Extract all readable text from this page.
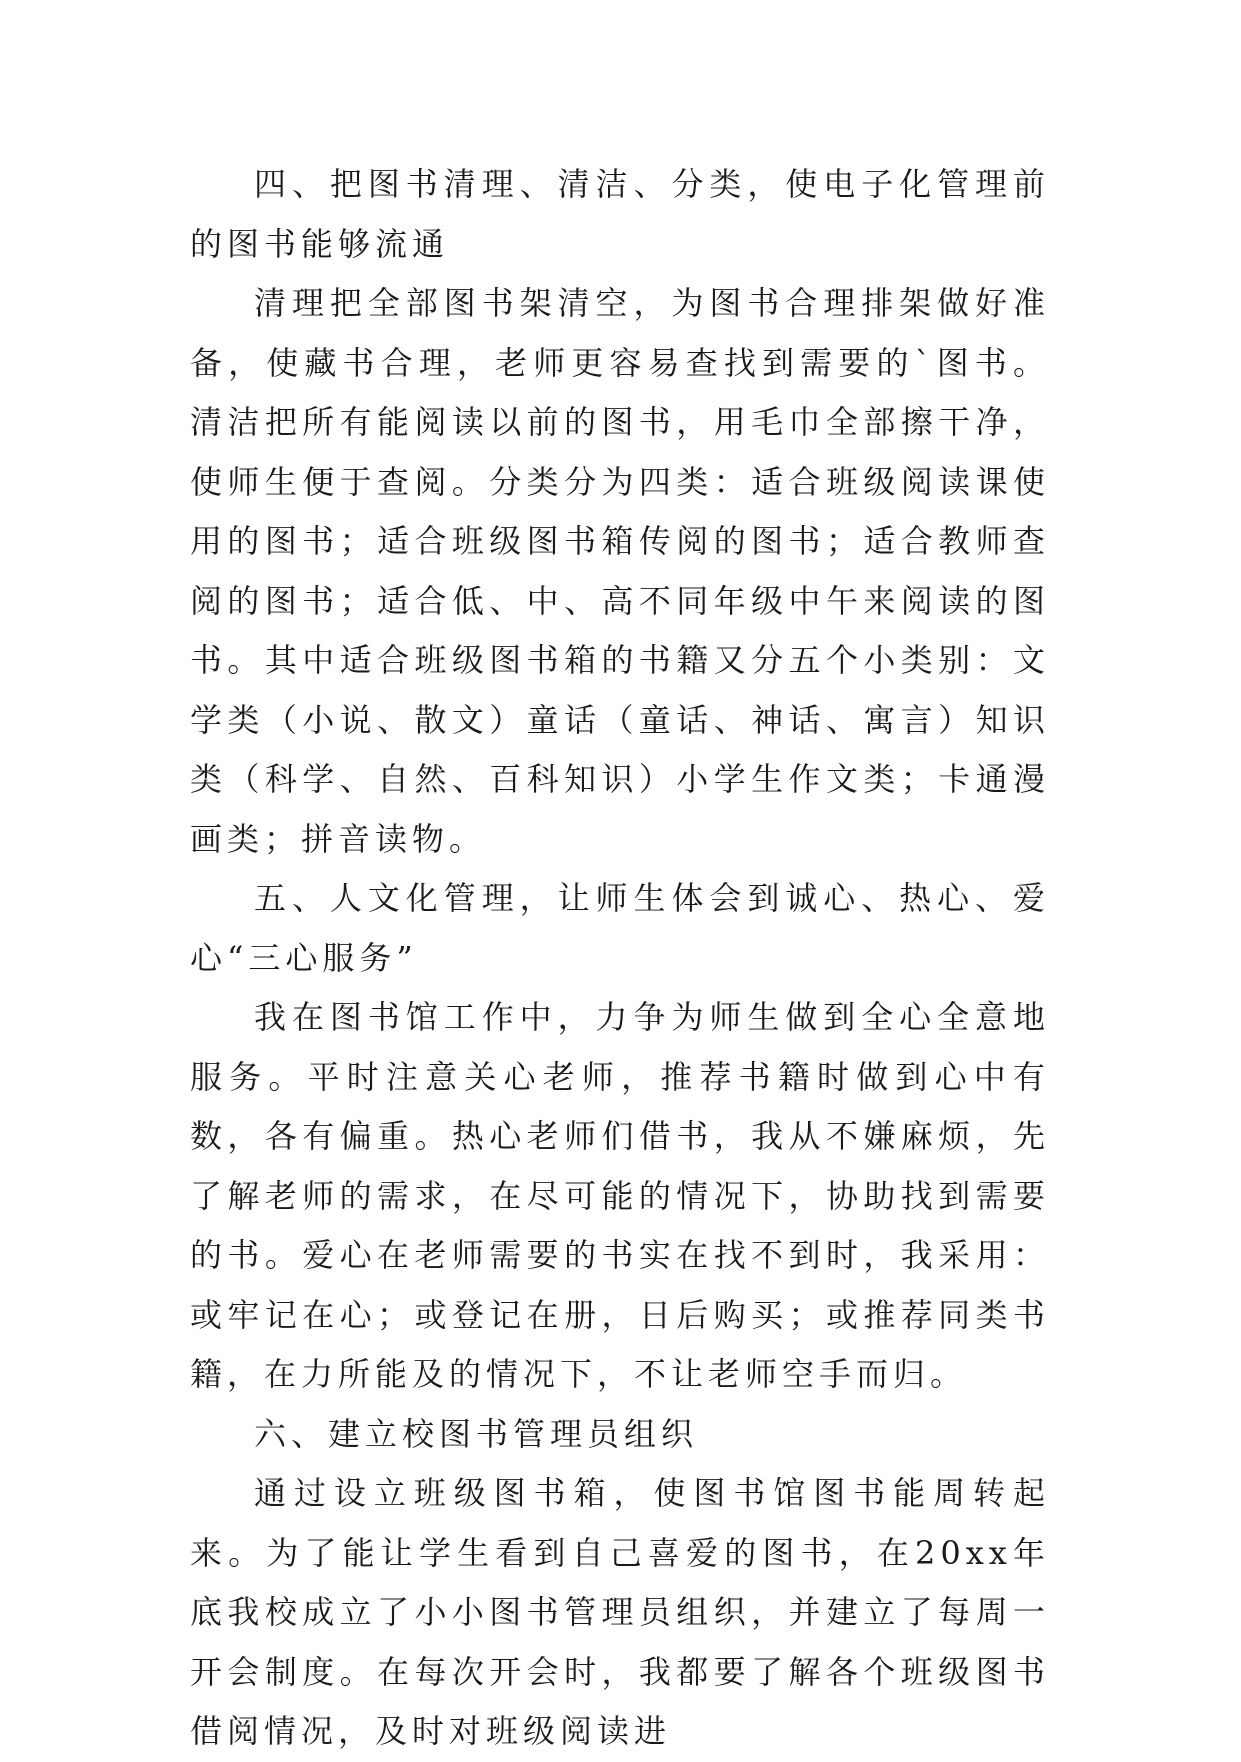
四、把图书清理、清洁、分类，使电子化管理前的图书能够流通

清理把全部图书架清空，为图书合理排架做好准备，使藏书合理，老师更容易查找到需要的`图书。清洁把所有能阅读以前的图书，用毛巾全部擦干净，使师生便于查阅。分类分为四类：适合班级阅读课使用的图书；适合班级图书箱传阅的图书；适合教师查阅的图书；适合低、中、高不同年级中午来阅读的图书。其中适合班级图书箱的书籍又分五个小类别：文学类（小说、散文）童话（童话、神话、寓言）知识类（科学、自然、百科知识）小学生作文类；卡通漫画类；拼音读物。

五、人文化管理，让师生体会到诚心、热心、爱心“三心服务”

我在图书馆工作中，力争为师生做到全心全意地服务。平时注意关心老师，推荐书籍时做到心中有数，各有偏重。热心老师们借书，我从不嫌麻烦，先了解老师的需求，在尽可能的情况下，协助找到需要的书。爱心在老师需要的书实在找不到时，我采用：或牢记在心；或登记在册，日后购买；或推荐同类书籍，在力所能及的情况下，不让老师空手而归。

六、建立校图书管理员组织

通过设立班级图书箱，使图书馆图书能周转起来。为了能让学生看到自己喜爱的图书，在20xx年底我校成立了小小图书管理员组织，并建立了每周一开会制度。在每次开会时，我都要了解各个班级图书借阅情况，及时对班级阅读进
